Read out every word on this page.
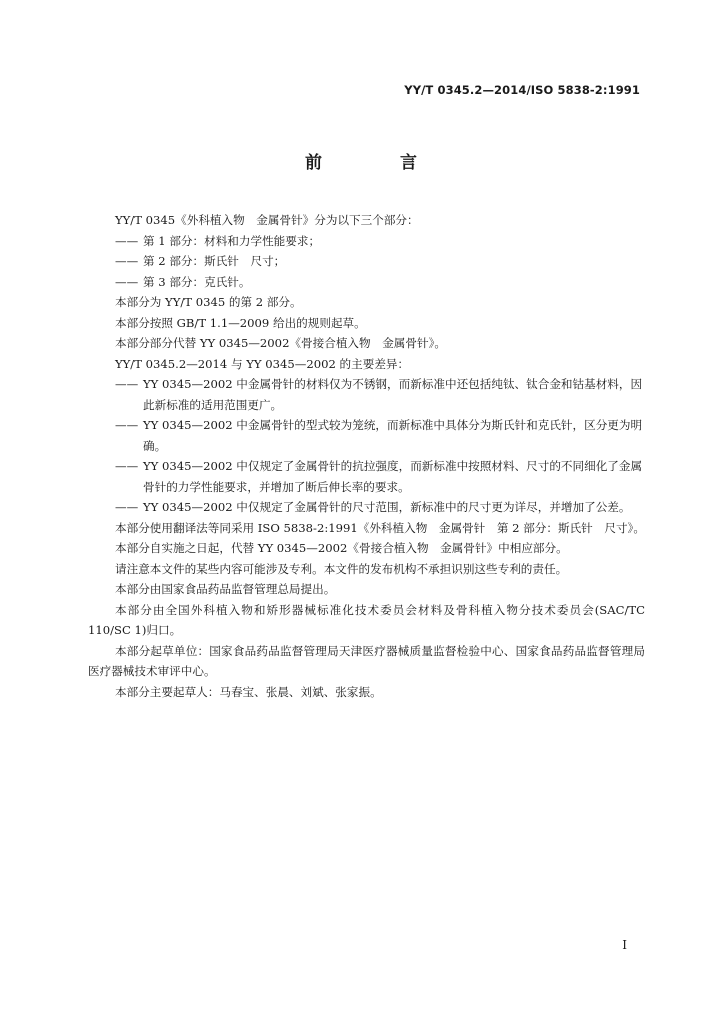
YY/T 0345.2—2014/ISO 5838-2:1991
前 言

YY/T 0345《外科植入物　金属骨针》分为以下三个部分：

—— 第 1 部分：材料和力学性能要求；
—— 第 2 部分：斯氏针　尺寸；
—— 第 3 部分：克氏针。

本部分为 YY/T 0345 的第 2 部分。

本部分按照 GB/T 1.1—2009 给出的规则起草。

本部分部分代替 YY 0345—2002《骨接合植入物　金属骨针》。

YY/T 0345.2—2014 与 YY 0345—2002 的主要差异：

—— YY 0345—2002 中金属骨针的材料仅为不锈钢，而新标准中还包括纯钛、钛合金和钴基材料，因此新标准的适用范围更广。
—— YY 0345—2002 中金属骨针的型式较为笼统，而新标准中具体分为斯氏针和克氏针，区分更为明确。
—— YY 0345—2002 中仅规定了金属骨针的抗拉强度，而新标准中按照材料、尺寸的不同细化了金属骨针的力学性能要求，并增加了断后伸长率的要求。
—— YY 0345—2002 中仅规定了金属骨针的尺寸范围，新标准中的尺寸更为详尽，并增加了公差。

本部分使用翻译法等同采用 ISO 5838-2:1991《外科植入物　金属骨针　第 2 部分：斯氏针　尺寸》。

本部分自实施之日起，代替 YY 0345—2002《骨接合植入物　金属骨针》中相应部分。

请注意本文件的某些内容可能涉及专利。本文件的发布机构不承担识别这些专利的责任。

本部分由国家食品药品监督管理总局提出。

本部分由全国外科植入物和矫形器械标准化技术委员会材料及骨科植入物分技术委员会(SAC/TC 110/SC 1)归口。

本部分起草单位：国家食品药品监督管理局天津医疗器械质量监督检验中心、国家食品药品监督管理局医疗器械技术审评中心。

本部分主要起草人：马春宝、张晨、刘斌、张家振。

I
